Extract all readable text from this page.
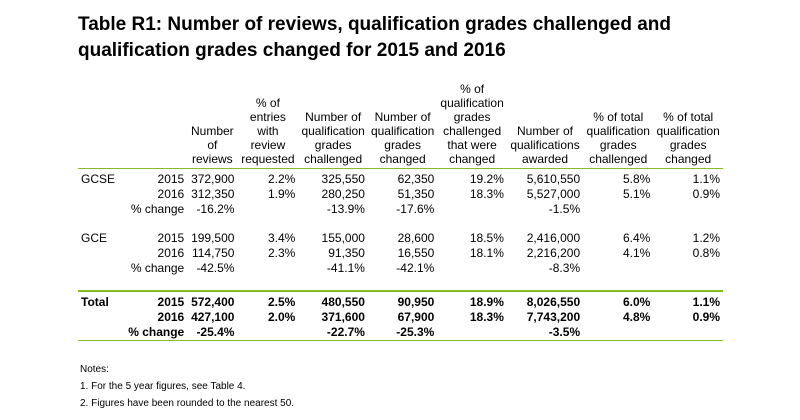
Table R1: Number of reviews, qualification grades challenged and qualification grades changed for 2015 and 2016
		Number of reviews	% of entries with review requested	Number of qualification grades challenged	Number of qualification grades changed	% of qualification grades challenged that were changed	Number of qualifications awarded	% of total qualification grades challenged	% of total qualification grades changed
GCSE	2015	372,900	2.2%	325,550	62,350	19.2%	5,610,550	5.8%	1.1%
	2016	312,350	1.9%	280,250	51,350	18.3%	5,527,000	5.1%	0.9%
	% change	-16.2%		-13.9%	-17.6%		-1.5%		

GCE	2015	199,500	3.4%	155,000	28,600	18.5%	2,416,000	6.4%	1.2%
	2016	114,750	2.3%	91,350	16,550	18.1%	2,216,200	4.1%	0.8%
	% change	-42.5%		-41.1%	-42.1%		-8.3%		

Total	2015	572,400	2.5%	480,550	90,950	18.9%	8,026,550	6.0%	1.1%
	2016	427,100	2.0%	371,600	67,900	18.3%	7,743,200	4.8%	0.9%
	% change	-25.4%		-22.7%	-25.3%		-3.5%		
Notes:
1. For the 5 year figures, see Table 4.
2. Figures have been rounded to the nearest 50.
